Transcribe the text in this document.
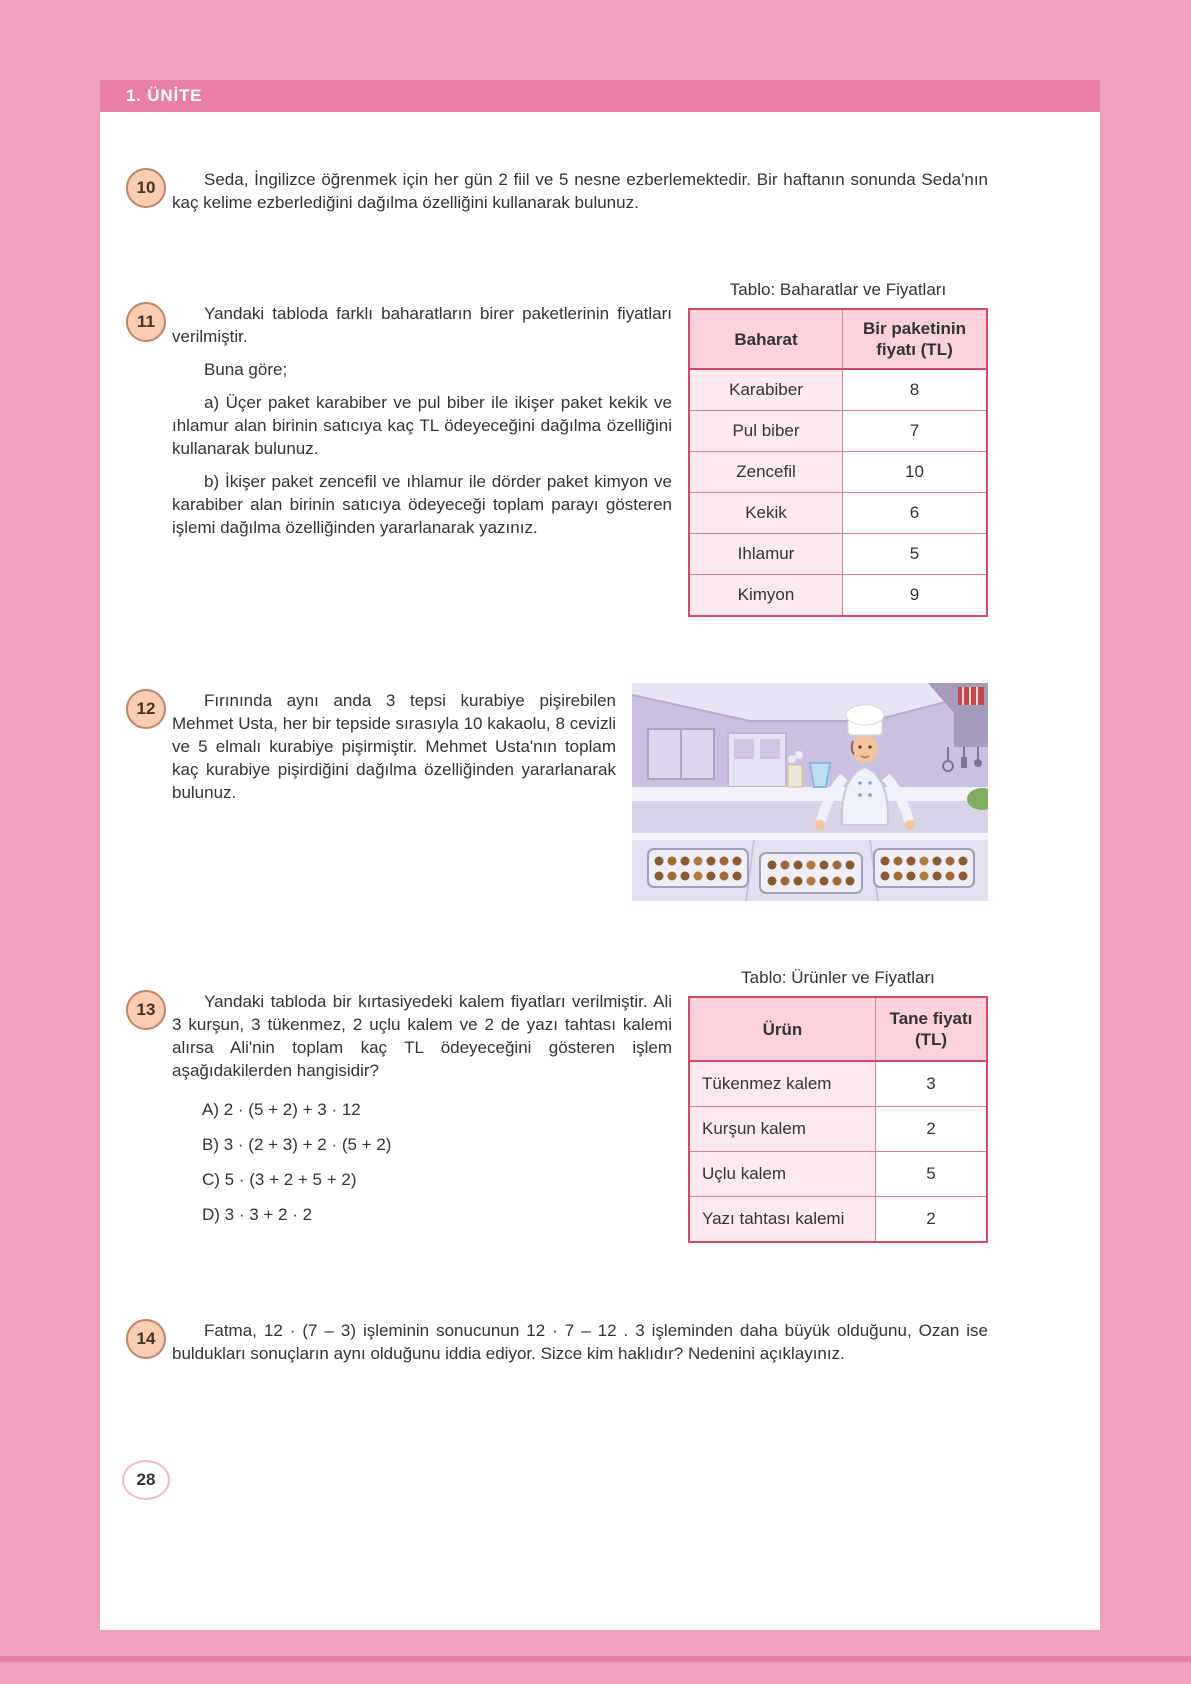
1. ÜNİTE
10	Seda, İngilizce öğrenmek için her gün 2 fiil ve 5 nesne ezberlemektedir. Bir haftanın sonunda Seda'nın kaç kelime ezberlediğini dağılma özelliğini kullanarak bulunuz.

11	Yandaki tabloda farklı baharatların birer paketlerinin fiyatları verilmiştir.

Buna göre;

a) Üçer paket karabiber ve pul biber ile ikişer paket kekik ve ıhlamur alan birinin satıcıya kaç TL ödeyeceğini dağılma özelliğini kullanarak bulunuz.

b) İkişer paket zencefil ve ıhlamur ile dörder paket kimyon ve karabiber alan birinin satıcıya ödeyeceği toplam parayı gösteren işlemi dağılma özelliğinden yararlanarak yazınız.

Tablo: Baharatlar ve Fiyatları
Baharat	Bir paketinin fiyatı (TL)
Karabiber	8
Pul biber	7
Zencefil	10
Kekik	6
Ihlamur	5
Kimyon	9
12	Fırınında aynı anda 3 tepsi kurabiye pişirebilen Mehmet Usta, her bir tepside sırasıyla 10 kakaolu, 8 cevizli ve 5 elmalı kurabiye pişirmiştir. Mehmet Usta'nın toplam kaç kurabiye pişirdiğini dağılma özelliğinden yararlanarak bulunuz.

13	Yandaki tabloda bir kırtasiyedeki kalem fiyatları verilmiştir. Ali 3 kurşun, 3 tükenmez, 2 uçlu kalem ve 2 de yazı tahtası kalemi alırsa Ali'nin toplam kaç TL ödeyeceğini gösteren işlem aşağıdakilerden hangisidir?

A) 2 · (5 + 2) + 3 · 12

B) 3 · (2 + 3) + 2 · (5 + 2)

C) 5 · (3 + 2 + 5 + 2)

D) 3 · 3 + 2 · 2

Tablo: Ürünler ve Fiyatları
Ürün	Tane fiyatı (TL)
Tükenmez kalem	3
Kurşun kalem	2
Uçlu kalem	5
Yazı tahtası kalemi	2
14	Fatma, 12 · (7 – 3) işleminin sonucunun 12 · 7 – 12 . 3 işleminden daha büyük olduğunu, Ozan ise buldukları sonuçların aynı olduğunu iddia ediyor. Sizce kim haklıdır? Nedenini açıklayınız.

28
